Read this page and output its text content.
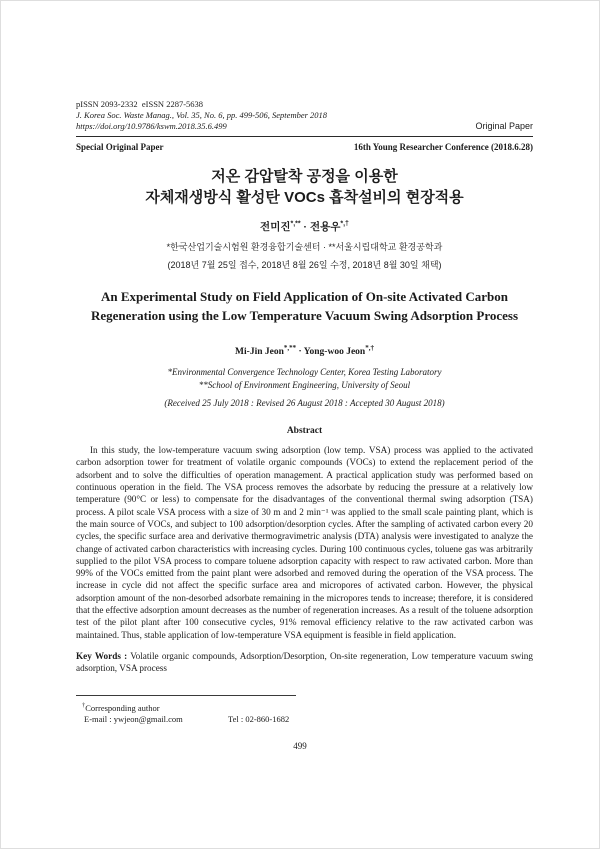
pISSN 2093-2332  eISSN 2287-5638
J. Korea Soc. Waste Manag., Vol. 35, No. 6, pp. 499-506, September 2018
https://doi.org/10.9786/kswm.2018.35.6.499	Original Paper
Special Original Paper	16th Young Researcher Conference (2018.6.28)
저온 감압탈착 공정을 이용한
자체재생방식 활성탄 VOCs 흡착설비의 현장적용
전미진*,** · 전용우*,†
*한국산업기술시험원 환경융합기술센터 · **서울시립대학교 환경공학과
(2018년 7월 25일 접수, 2018년 8월 26일 수정, 2018년 8월 30일 채택)
An Experimental Study on Field Application of On-site Activated Carbon
Regeneration using the Low Temperature Vacuum Swing Adsorption Process
Mi-Jin Jeon*,** · Yong-woo Jeon*,†
*Environmental Convergence Technology Center, Korea Testing Laboratory
**School of Environment Engineering, University of Seoul
(Received 25 July 2018 : Revised 26 August 2018 : Accepted 30 August 2018)
Abstract
In this study, the low-temperature vacuum swing adsorption (low temp. VSA) process was applied to the activated carbon adsorption tower for treatment of volatile organic compounds (VOCs) to extend the replacement period of the adsorbent and to solve the difficulties of operation management. A practical application study was performed based on continuous operation in the field. The VSA process removes the adsorbate by reducing the pressure at a relatively low temperature (90°C or less) to compensate for the disadvantages of the conventional thermal swing adsorption (TSA) process. A pilot scale VSA process with a size of 30 m and 2 min⁻¹ was applied to the small scale painting plant, which is the main source of VOCs, and subject to 100 adsorption/desorption cycles. After the sampling of activated carbon every 20 cycles, the specific surface area and derivative thermogravimetric analysis (DTA) analysis were investigated to analyze the change of activated carbon characteristics with increasing cycles. During 100 continuous cycles, toluene gas was arbitrarily supplied to the pilot VSA process to compare toluene adsorption capacity with respect to raw activated carbon. More than 99% of the VOCs emitted from the paint plant were adsorbed and removed during the operation of the VSA process. The increase in cycle did not affect the specific surface area and micropores of activated carbon. However, the physical adsorption amount of the non-desorbed adsorbate remaining in the micropores tends to increase; therefore, it is considered that the effective adsorption amount decreases as the number of regeneration increases. As a result of the toluene adsorption test of the pilot plant after 100 consecutive cycles, 91% removal efficiency relative to the raw activated carbon was maintained. Thus, stable application of low-temperature VSA equipment is feasible in field application.
Key Words : Volatile organic compounds, Adsorption/Desorption, On-site regeneration, Low temperature vacuum swing adsorption, VSA process
†Corresponding author
E-mail : ywjeon@gmail.com	Tel : 02-860-1682
499
